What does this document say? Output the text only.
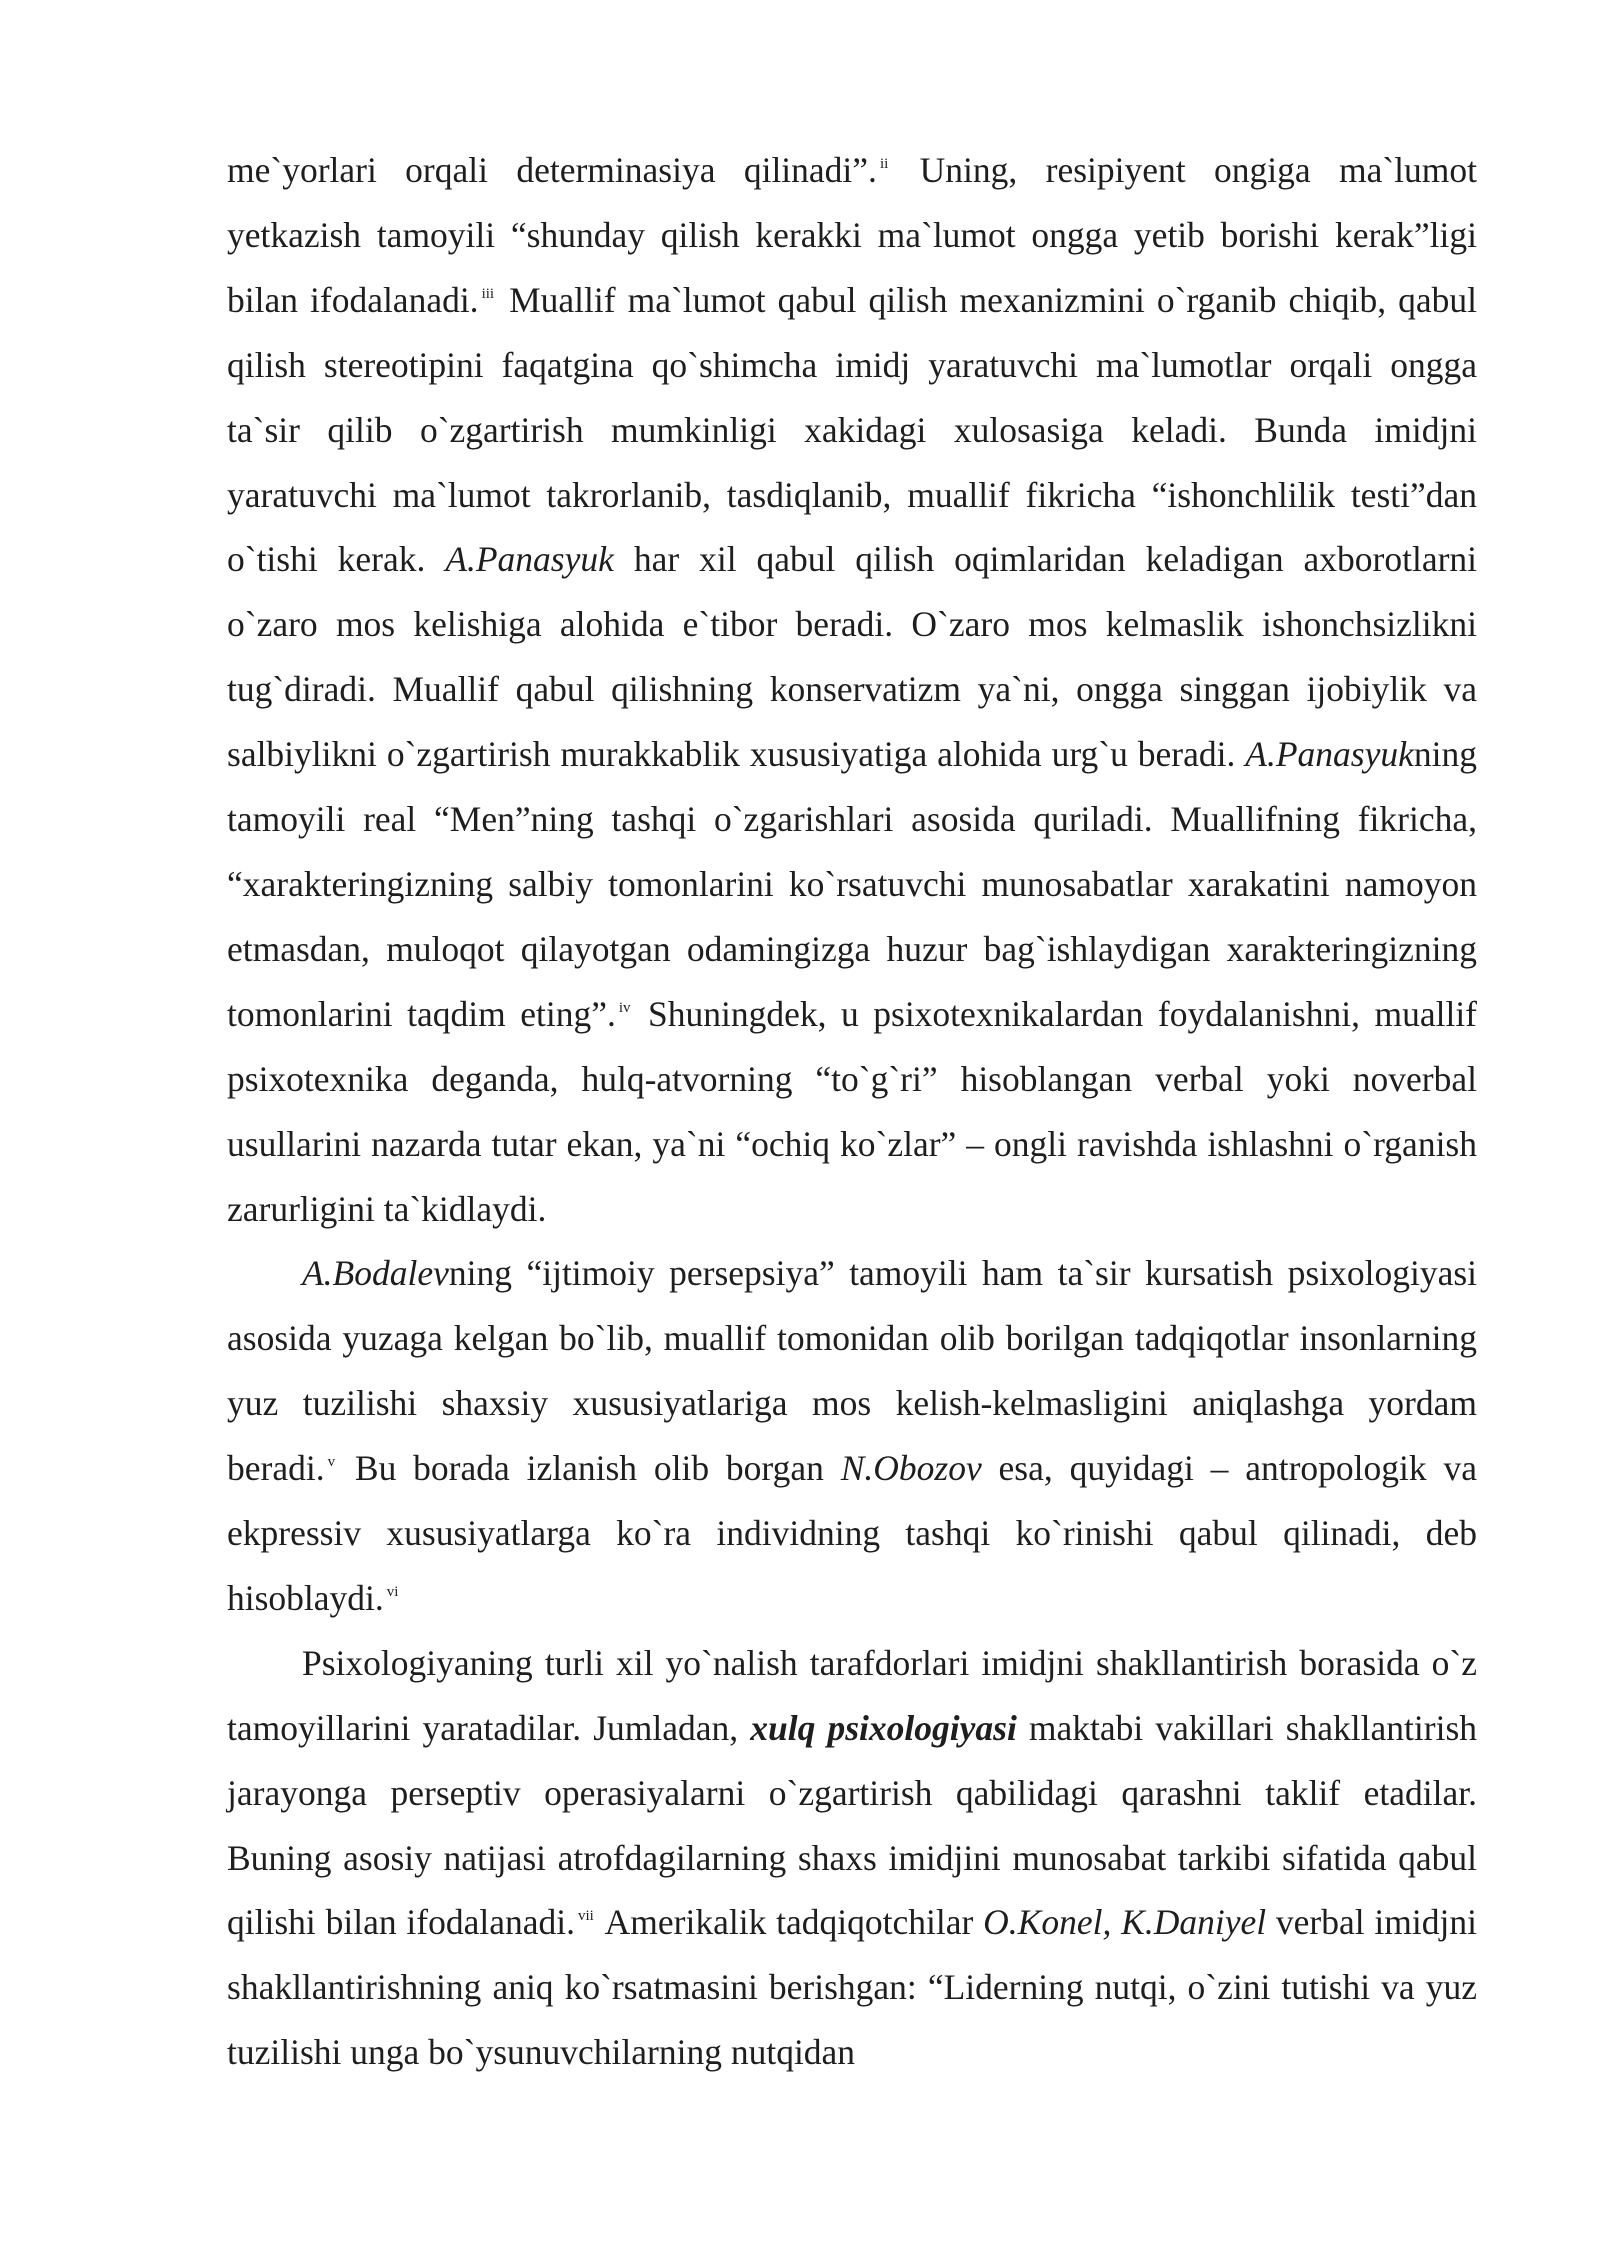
me`yorlari orqali determinasiya qilinadi”. $^{ii}$ Uning, resipiyent ongiga ma`lumot yetkazish tamoyili “shunday qilish kerakki ma`lumot ongga yetib borishi kerak”ligi bilan ifodalanadi. $^{iii}$ Muallif ma`lumot qabul qilish mexanizmini o`rganib chiqib, qabul qilish stereotipini faqatgina qo`shimcha imidj yaratuvchi ma`lumotlar orqali ongga ta`sir qilib o`zgartirish mumkinligi xakidagi xulosasiga keladi. Bunda imidjni yaratuvchi ma`lumot takrorlanib, tasdiqlanib, muallif fikricha “ishonchlilik testi”dan o`tishi kerak. A.Panasyuk har xil qabul qilish oqimlaridan keladigan axborotlarni o`zaro mos kelishiga alohida e`tibor beradi. O`zaro mos kelmaslik ishonchsizlikni tug`diradi. Muallif qabul qilishning konservatizm ya`ni, ongga singgan ijobiylik va salbiylikni o`zgartirish murakkablik xususiyatiga alohida urg`u beradi. A.Panasyukning tamoyili real “Men”ning tashqi o`zgarishlari asosida quriladi. Muallifning fikricha, “xarakteringizning salbiy tomonlarini ko`rsatuvchi munosabatlar xarakatini namoyon etmasdan, muloqot qilayotgan odamingizga huzur bag`ishlaydigan xarakteringizning tomonlarini taqdim eting”. $^{iv}$ Shuningdek, u psixotexnikalardan foydalanishni, muallif psixotexnika deganda, hulq-atvorning “to`g`ri” hisoblangan verbal yoki noverbal usullarini nazarda tutar ekan, ya`ni “ochiq ko`zlar” – ongli ravishda ishlashni o`rganish zarurligini ta`kidlaydi.

A.Bodalevning “ijtimoiy persepsiya” tamoyili ham ta`sir kursatish psixologiyasi asosida yuzaga kelgan bo`lib, muallif tomonidan olib borilgan tadqiqotlar insonlarning yuz tuzilishi shaxsiy xususiyatlariga mos kelish-kelmasligini aniqlashga yordam beradi. $^v$ Bu borada izlanish olib borgan N.Obozov esa, quyidagi – antropologik va ekpressiv xususiyatlarga ko`ra individning tashqi ko`rinishi qabul qilinadi, deb hisoblaydi. $^{vi}$

Psixologiyaning turli xil yo`nalish tarafdorlari imidjni shakllantirish borasida o`z tamoyillarini yaratadilar. Jumladan, xulq psixologiyasi maktabi vakillari shakllantirish jarayonga perseptiv operasiyalarni o`zgartirish qabilidagi qarashni taklif etadilar. Buning asosiy natijasi atrofdagilarning shaxs imidjini munosabat tarkibi sifatida qabul qilishi bilan ifodalanadi. $^{vii}$ Amerikalik tadqiqotchilar O.Konel, K.Daniyel verbal imidjni shakllantirishning aniq ko`rsatmasini berishgan: “Liderning nutqi, o`zini tutishi va yuz tuzilishi unga bo`ysunuvchilarning nutqidan
